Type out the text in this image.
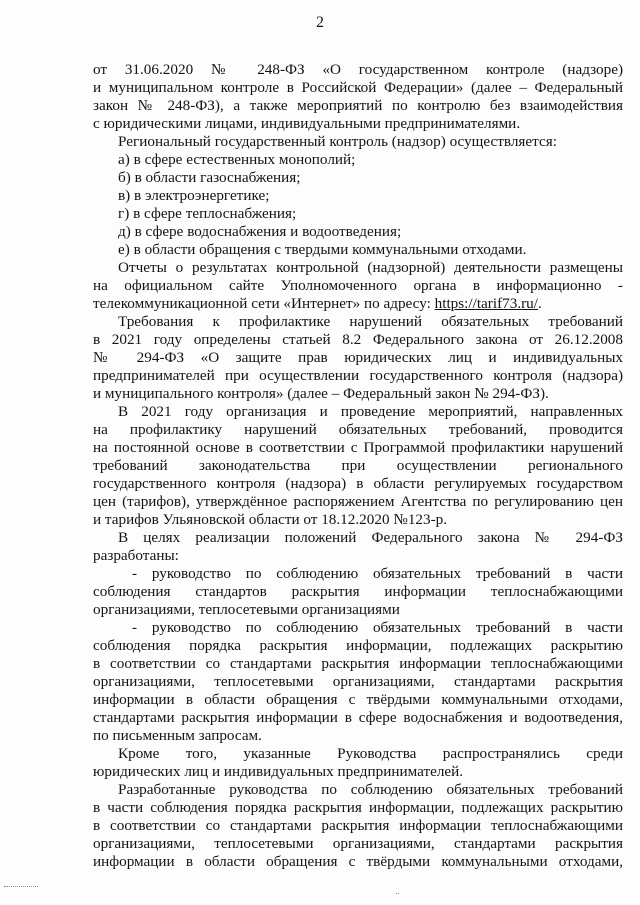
2
от 31.06.2020 № 248-ФЗ «О государственном контроле (надзоре)
и муниципальном контроле в Российской Федерации» (далее – Федеральный
закон № 248-ФЗ), а также мероприятий по контролю без взаимодействия
с юридическими лицами, индивидуальными предпринимателями.
Региональный государственный контроль (надзор) осуществляется:
а) в сфере естественных монополий;
б) в области газоснабжения;
в) в электроэнергетике;
г) в сфере теплоснабжения;
д) в сфере водоснабжения и водоотведения;
е) в области обращения с твердыми коммунальными отходами.
Отчеты о результатах контрольной (надзорной) деятельности размещены
на официальном сайте Уполномоченного органа в информационно -
телекоммуникационной сети «Интернет» по адресу: https://tarif73.ru/.
Требования к профилактике нарушений обязательных требований
в 2021 году определены статьей 8.2 Федерального закона от 26.12.2008
№ 294-ФЗ «О защите прав юридических лиц и индивидуальных
предпринимателей при осуществлении государственного контроля (надзора)
и муниципального контроля» (далее – Федеральный закон № 294-ФЗ).
В 2021 году организация и проведение мероприятий, направленных
на профилактику нарушений обязательных требований, проводится
на постоянной основе в соответствии с Программой профилактики нарушений
требований законодательства при осуществлении регионального
государственного контроля (надзора) в области регулируемых государством
цен (тарифов), утверждённое распоряжением Агентства по регулированию цен
и тарифов Ульяновской области от 18.12.2020 №123-р.
В целях реализации положений Федерального закона № 294-ФЗ
разработаны:
- руководство по соблюдению обязательных требований в части
соблюдения стандартов раскрытия информации теплоснабжающими
организациями, теплосетевыми организациями
- руководство по соблюдению обязательных требований в части
соблюдения порядка раскрытия информации, подлежащих раскрытию
в соответствии со стандартами раскрытия информации теплоснабжающими
организациями, теплосетевыми организациями, стандартами раскрытия
информации в области обращения с твёрдыми коммунальными отходами,
стандартами раскрытия информации в сфере водоснабжения и водоотведения,
по письменным запросам.
Кроме того, указанные Руководства распространялись среди
юридических лиц и индивидуальных предпринимателей.
Разработанные руководства по соблюдению обязательных требований
в части соблюдения порядка раскрытия информации, подлежащих раскрытию
в соответствии со стандартами раскрытия информации теплоснабжающими
организациями, теплосетевыми организациями, стандартами раскрытия
информации в области обращения с твёрдыми коммунальными отходами,
